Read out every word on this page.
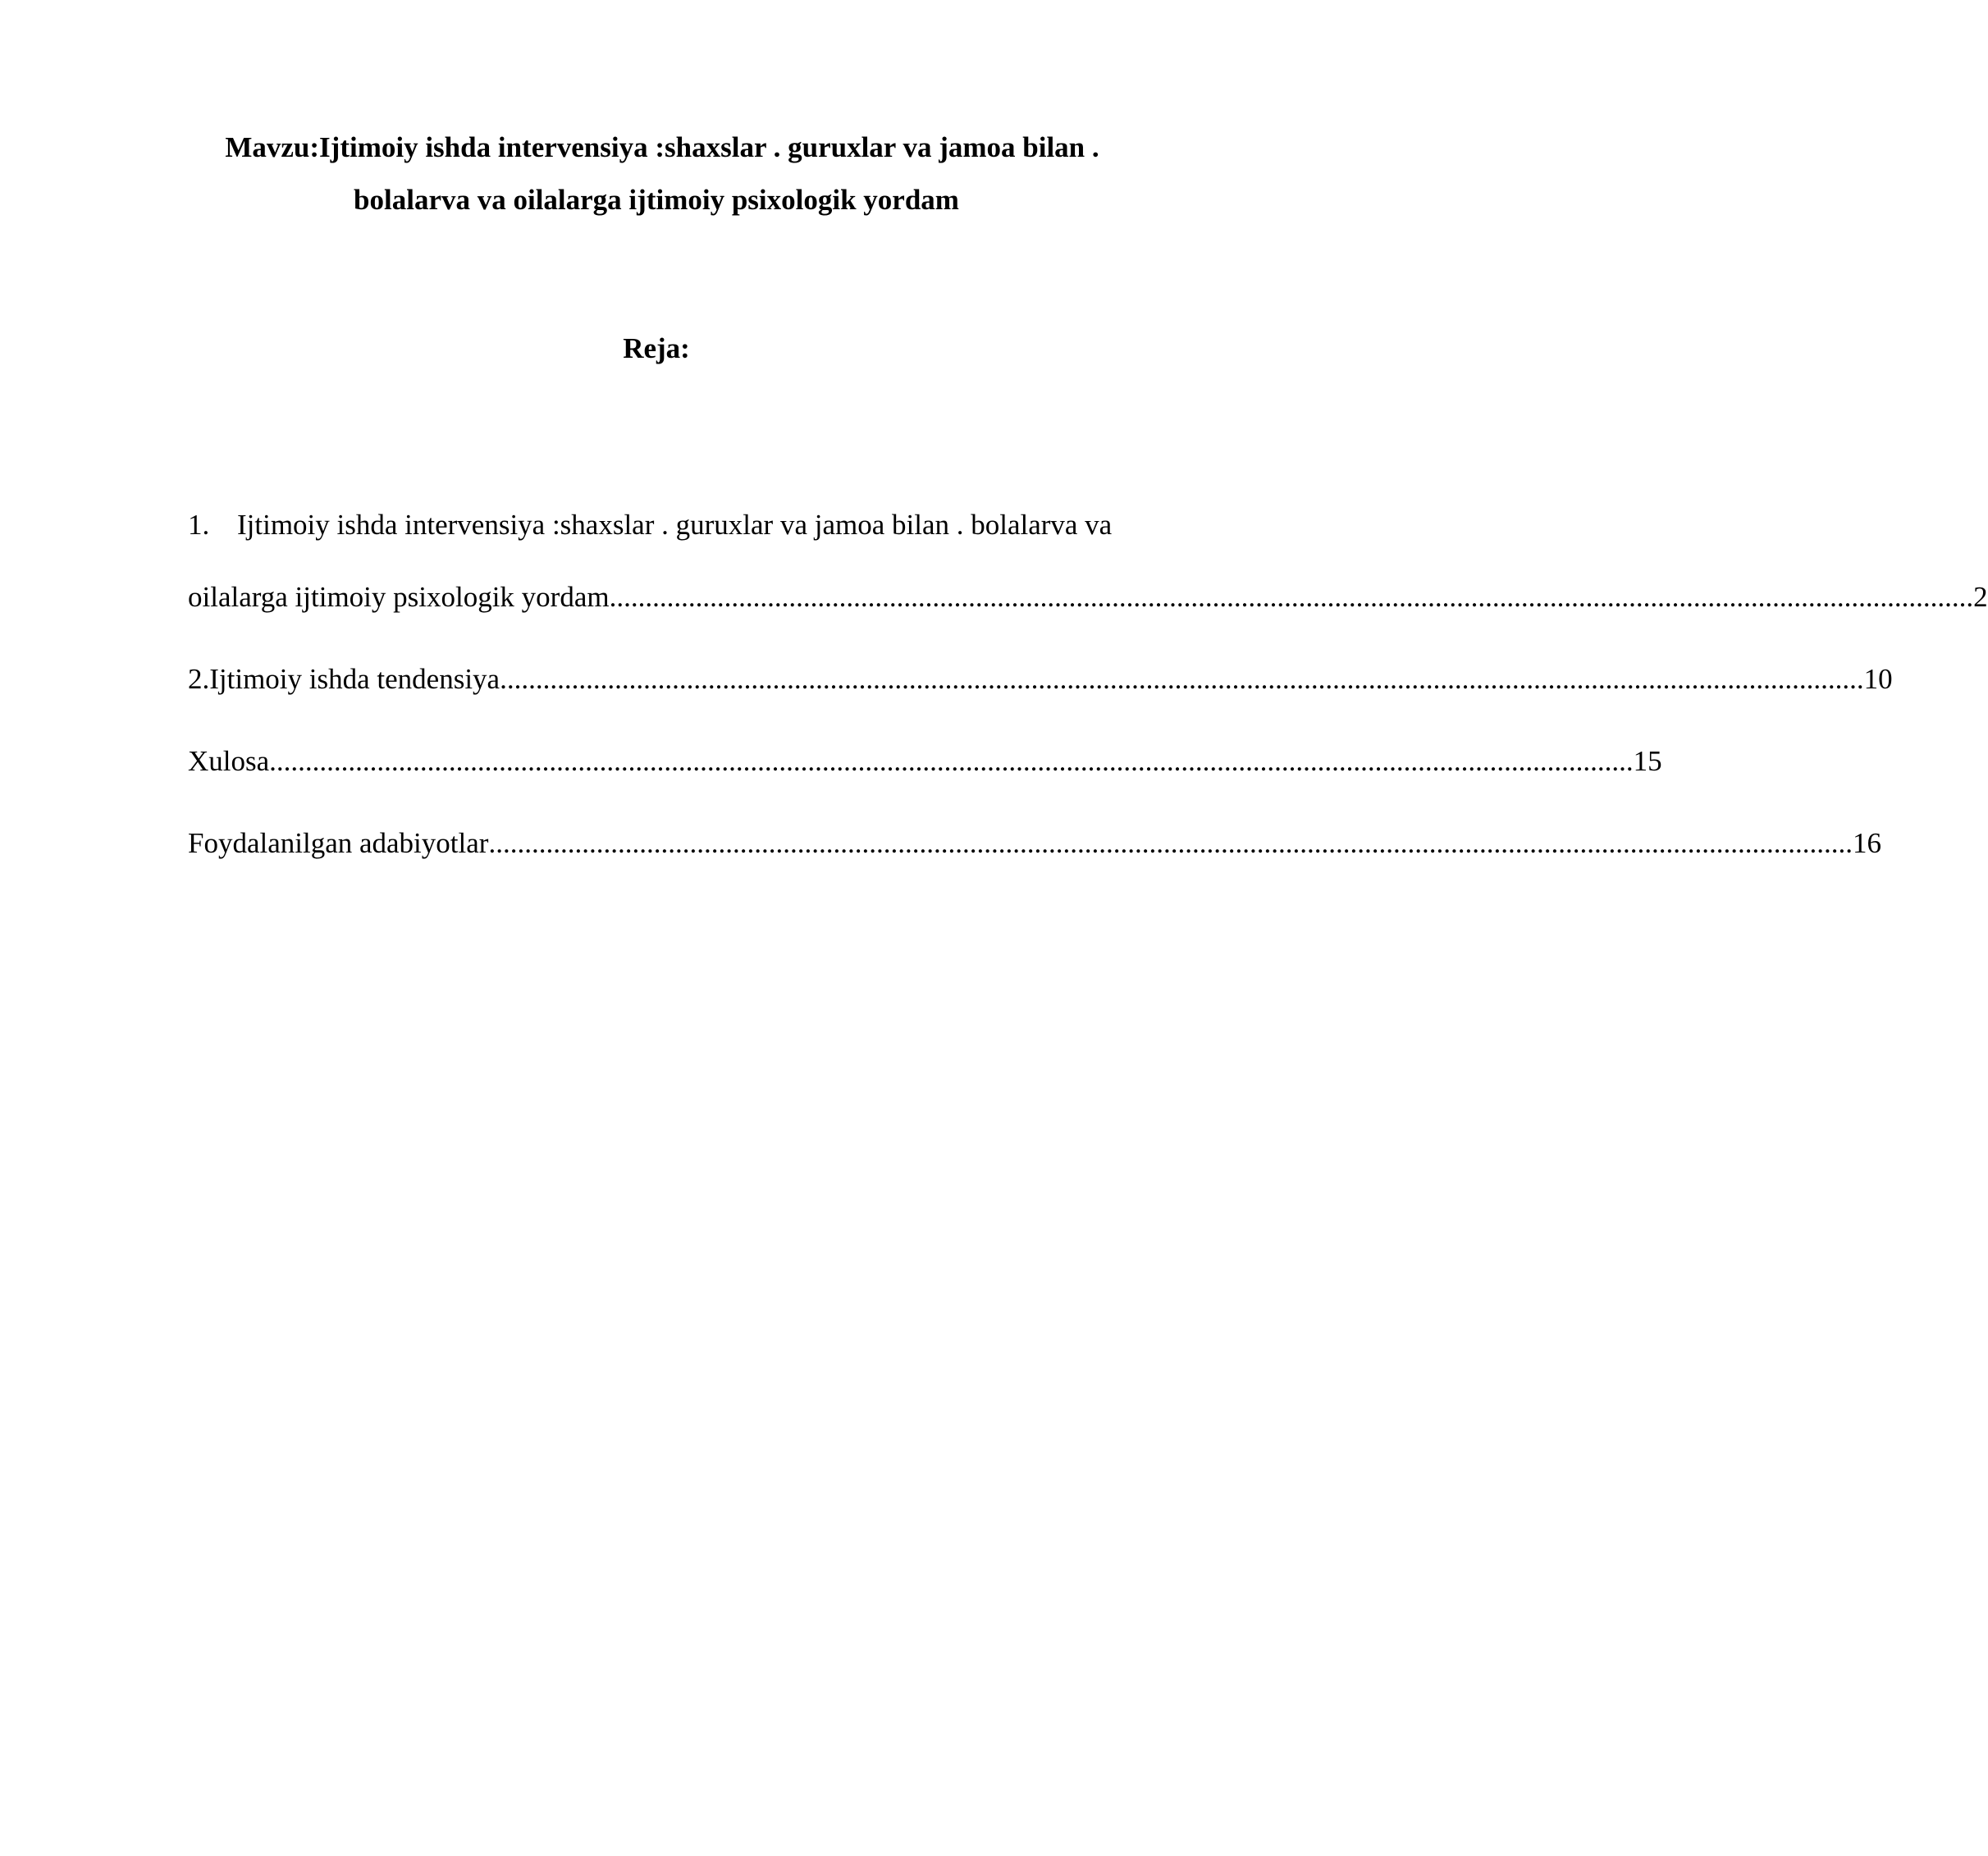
Mavzu:Ijtimoiy ishda intervensiya :shaxslar . guruxlar va jamoa bilan .
bolalarva va oilalarga ijtimoiy psixologik yordam
Reja:
1. Ijtimoiy ishda intervensiya :shaxslar . guruxlar va jamoa bilan . bolalarva va
oilalarga ijtimoiy psixologik yordam .............................................................................................................................................................................................. 2
2.Ijtimoiy ishda tendensiya .............................................................................................................................................................................................. 10
Xulosa .............................................................................................................................................................................................. 15
Foydalanilgan adabiyotlar .............................................................................................................................................................................................. 16
